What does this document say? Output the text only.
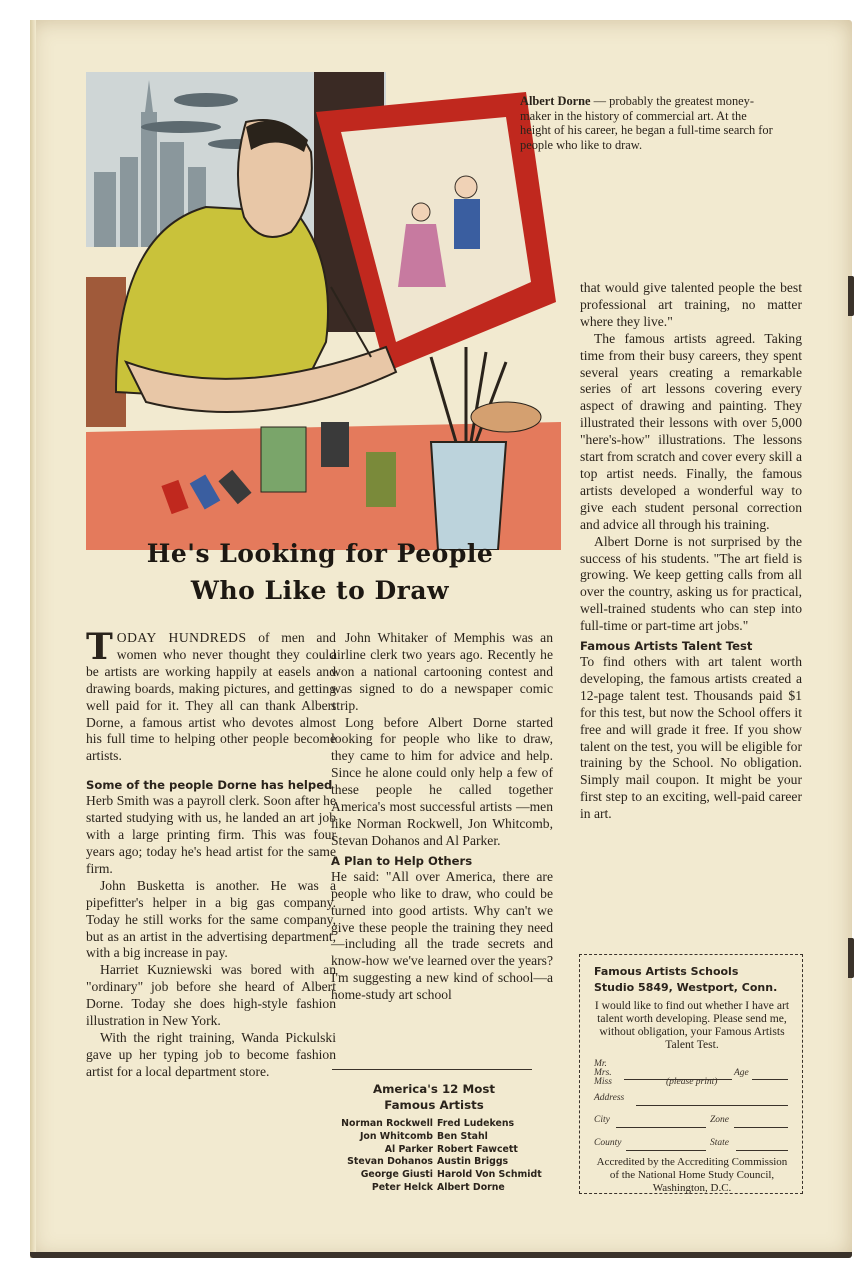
Albert Dorne — probably the greatest money-maker in the history of commercial art. At the height of his career, he began a full-time search for people who like to draw.
He's Looking for People
Who Like to Draw

TODAY HUNDREDS of men and women who never thought they could be artists are working happily at easels and drawing boards, making pictures, and getting well paid for it. They all can thank Albert Dorne, a famous artist who devotes almost his full time to helping other people become artists.

Some of the people Dorne has helped

Herb Smith was a payroll clerk. Soon after he started studying with us, he landed an art job with a large printing firm. This was four years ago; today he's head artist for the same firm.

John Busketta is another. He was a pipefitter's helper in a big gas company. Today he still works for the same company, but as an artist in the advertising department, with a big increase in pay.

Harriet Kuzniewski was bored with an "ordinary" job before she heard of Albert Dorne. Today she does high-style fashion illustration in New York.

With the right training, Wanda Pickulski gave up her typing job to become fashion artist for a local department store.

John Whitaker of Memphis was an airline clerk two years ago. Recently he won a national cartooning contest and was signed to do a newspaper comic strip.

Long before Albert Dorne started looking for people who like to draw, they came to him for advice and help. Since he alone could only help a few of these people he called together America's most successful artists —men like Norman Rockwell, Jon Whitcomb, Stevan Dohanos and Al Parker.

A Plan to Help Others

He said: "All over America, there are people who like to draw, who could be turned into good artists. Why can't we give these people the training they need—including all the trade secrets and know-how we've learned over the years? I'm suggesting a new kind of school—a home-study art school

that would give talented people the best professional art training, no matter where they live."

The famous artists agreed. Taking time from their busy careers, they spent several years creating a remarkable series of art lessons covering every aspect of drawing and painting. They illustrated their lessons with over 5,000 "here's-how" illustrations. The lessons start from scratch and cover every skill a top artist needs. Finally, the famous artists developed a wonderful way to give each student personal correction and advice all through his training.

Albert Dorne is not surprised by the success of his students. "The art field is growing. We keep getting calls from all over the country, asking us for practical, well-trained students who can step into full-time or part-time art jobs."

Famous Artists Talent Test

To find others with art talent worth developing, the famous artists created a 12-page talent test. Thousands paid $1 for this test, but now the School offers it free and will grade it free. If you show talent on the test, you will be eligible for training by the School. No obligation. Simply mail coupon. It might be your first step to an exciting, well-paid career in art.

America's 12 Most
Famous Artists
Norman Rockwell
Jon Whitcomb
Al Parker
Stevan Dohanos
George Giusti
Peter Helck
Fred Ludekens
Ben Stahl
Robert Fawcett
Austin Briggs
Harold Von Schmidt
Albert Dorne
Famous Artists Schools
Studio 5849, Westport, Conn.
I would like to find out whether I have art talent worth developing. Please send me, without obligation, your Famous Artists Talent Test.
Mr.
Mrs.
Miss
Age
(please print)
Address
City	Zone
County	State
Accredited by the Accrediting Commission of the National Home Study Council, Washington, D.C.
